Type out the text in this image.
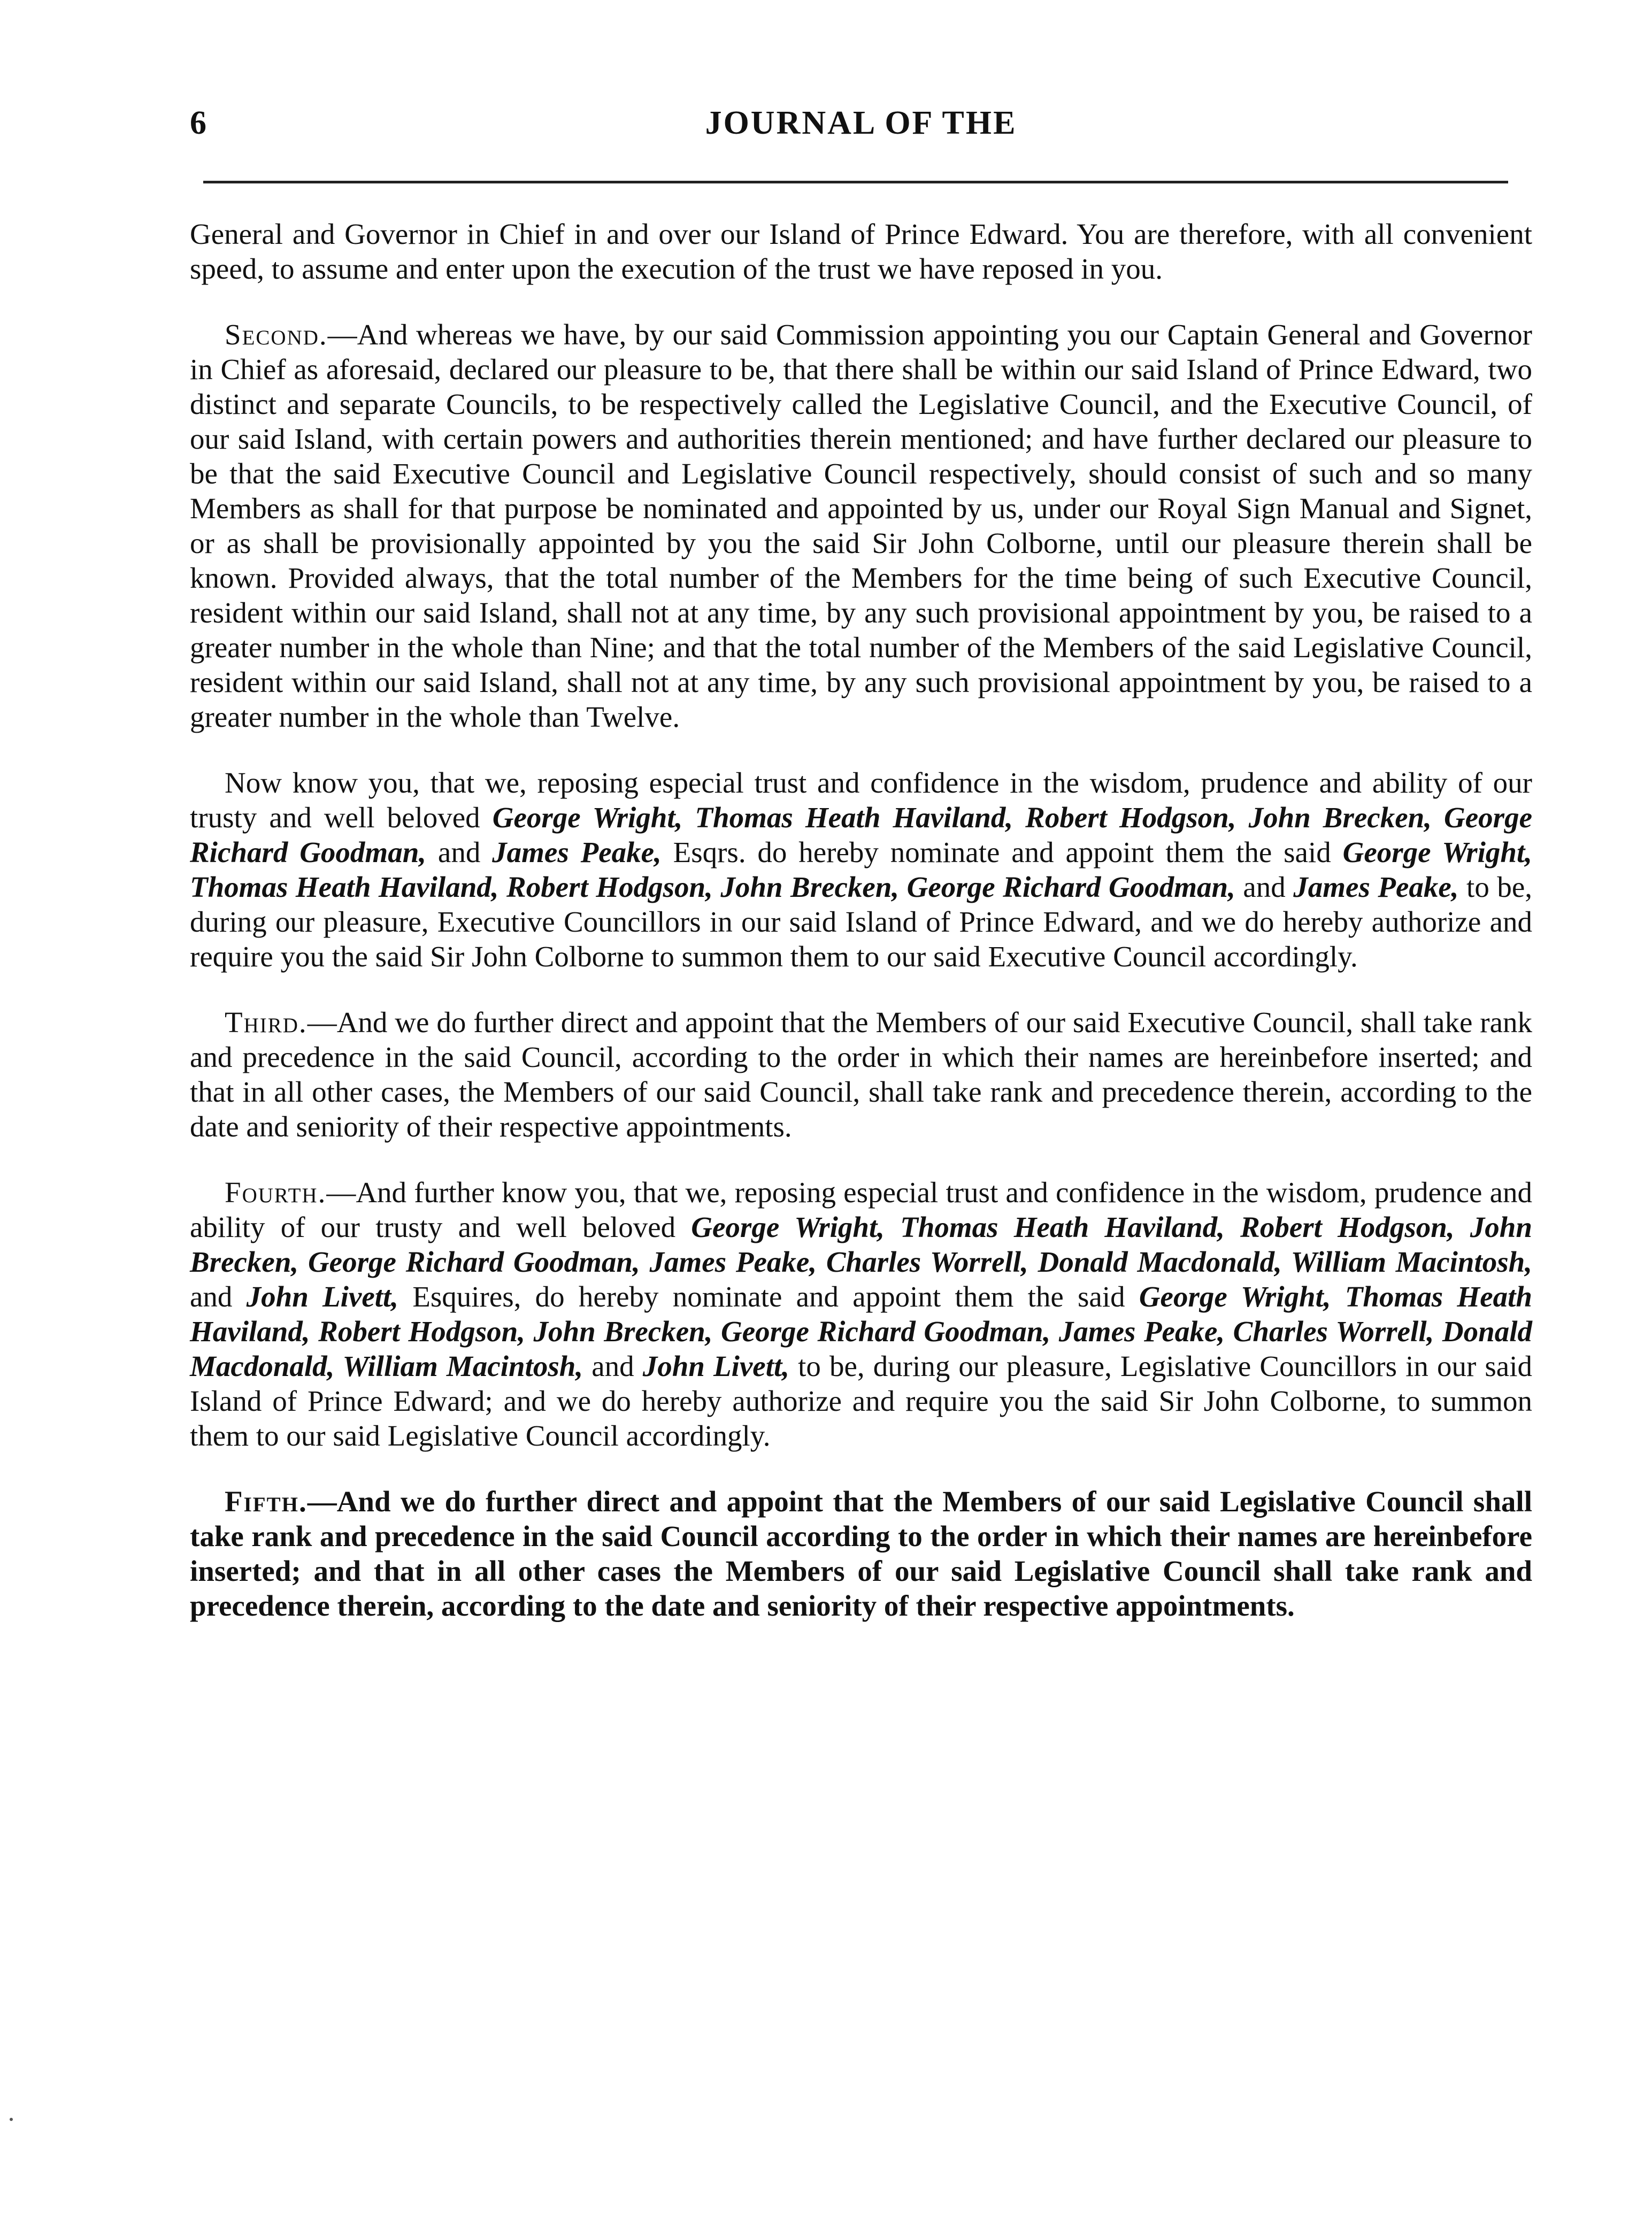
6	JOURNAL OF THE

General and Governor in Chief in and over our Island of Prince Edward. You are therefore, with all convenient speed, to assume and enter upon the execution of the trust we have reposed in you.

Second.—And whereas we have, by our said Commission appointing you our Captain General and Governor in Chief as aforesaid, declared our pleasure to be, that there shall be within our said Island of Prince Edward, two distinct and separate Councils, to be respectively called the Legislative Council, and the Executive Council, of our said Island, with certain powers and authorities therein mentioned; and have further declared our pleasure to be that the said Executive Council and Legislative Council respectively, should consist of such and so many Members as shall for that purpose be nominated and appointed by us, under our Royal Sign Manual and Signet, or as shall be provisionally appointed by you the said Sir John Colborne, until our pleasure therein shall be known. Provided always, that the total number of the Members for the time being of such Executive Council, resident within our said Island, shall not at any time, by any such provisional appointment by you, be raised to a greater number in the whole than Nine; and that the total number of the Members of the said Legislative Council, resident within our said Island, shall not at any time, by any such provisional appointment by you, be raised to a greater number in the whole than Twelve.

Now know you, that we, reposing especial trust and confidence in the wisdom, prudence and ability of our trusty and well beloved George Wright, Thomas Heath Haviland, Robert Hodgson, John Brecken, George Richard Goodman, and James Peake, Esqrs. do hereby nominate and appoint them the said George Wright, Thomas Heath Haviland, Robert Hodgson, John Brecken, George Richard Goodman, and James Peake, to be, during our pleasure, Executive Councillors in our said Island of Prince Edward, and we do hereby authorize and require you the said Sir John Colborne to summon them to our said Executive Council accordingly.

Third.—And we do further direct and appoint that the Members of our said Executive Council, shall take rank and precedence in the said Council, according to the order in which their names are hereinbefore inserted; and that in all other cases, the Members of our said Council, shall take rank and precedence therein, according to the date and seniority of their respective appointments.

Fourth.—And further know you, that we, reposing especial trust and confidence in the wisdom, prudence and ability of our trusty and well beloved George Wright, Thomas Heath Haviland, Robert Hodgson, John Brecken, George Richard Goodman, James Peake, Charles Worrell, Donald Macdonald, William Macintosh, and John Livett, Esquires, do hereby nominate and appoint them the said George Wright, Thomas Heath Haviland, Robert Hodgson, John Brecken, George Richard Goodman, James Peake, Charles Worrell, Donald Macdonald, William Macintosh, and John Livett, to be, during our pleasure, Legislative Councillors in our said Island of Prince Edward; and we do hereby authorize and require you the said Sir John Colborne, to summon them to our said Legislative Council accordingly.

Fifth.—And we do further direct and appoint that the Members of our said Legislative Council shall take rank and precedence in the said Council according to the order in which their names are hereinbefore inserted; and that in all other cases the Members of our said Legislative Council shall take rank and precedence therein, according to the date and seniority of their respective appointments.
